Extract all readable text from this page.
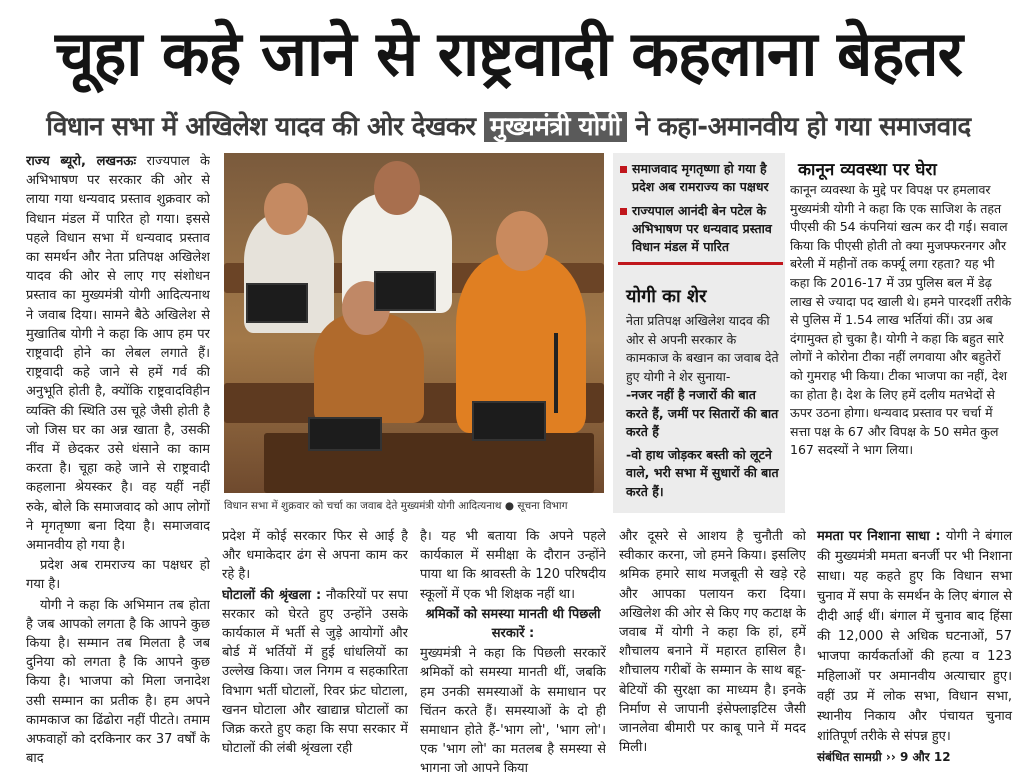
चूहा कहे जाने से राष्ट्रवादी कहलाना बेहतर
विधान सभा में अखिलेश यादव की ओर देखकर मुख्यमंत्री योगी ने कहा-अमानवीय हो गया समाजवाद

राज्य ब्यूरो, लखनऊः राज्यपाल के अभिभाषण पर सरकार की ओर से लाया गया धन्यवाद प्रस्ताव शुक्रवार को विधान मंडल में पारित हो गया। इससे पहले विधान सभा में धन्यवाद प्रस्ताव का समर्थन और नेता प्रतिपक्ष अखिलेश यादव की ओर से लाए गए संशोधन प्रस्ताव का मुख्यमंत्री योगी आदित्यनाथ ने जवाब दिया। सामने बैठे अखिलेश से मुखातिब योगी ने कहा कि आप हम पर राष्ट्रवादी होने का लेबल लगाते हैं। राष्ट्रवादी कहे जाने से हमें गर्व की अनुभूति होती है, क्योंकि राष्ट्रवादविहीन व्यक्ति की स्थिति उस चूहे जैसी होती है जो जिस घर का अन्न खाता है, उसकी नींव में छेदकर उसे धंसाने का काम करता है। चूहा कहे जाने से राष्ट्रवादी कहलाना श्रेयस्कर है। वह यहीं नहीं रुके, बोले कि समाजवाद को आप लोगों ने मृगतृष्णा बना दिया है। समाजवाद अमानवीय हो गया है।

प्रदेश अब रामराज्य का पक्षधर हो गया है।

योगी ने कहा कि अभिमान तब होता है जब आपको लगता है कि आपने कुछ किया है। सम्मान तब मिलता है जब दुनिया को लगता है कि आपने कुछ किया है। भाजपा को मिला जनादेश उसी सम्मान का प्रतीक है। हम अपने कामकाज का ढिंढोरा नहीं पीटते। तमाम अफवाहों को दरकिनार कर 37 वर्षों के बाद

विधान सभा में शुक्रवार को चर्चा का जवाब देते मुख्यमंत्री योगी आदित्यनाथ ● सूचना विभाग
समाजवाद मृगतृष्णा हो गया है प्रदेश अब रामराज्य का पक्षधर
राज्यपाल आनंदी बेन पटेल के अभिभाषण पर धन्यवाद प्रस्ताव विधान मंडल में पारित
योगी का शेर

नेता प्रतिपक्ष अखिलेश यादव की ओर से अपनी सरकार के कामकाज के बखान का जवाब देते हुए योगी ने शेर सुनाया-

-नजर नहीं है नजारों की बात करते हैं, जमीं पर सितारों की बात करते हैं

-वो हाथ जोड़कर बस्ती को लूटने वाले, भरी सभा में सुधारों की बात करते हैं।

कानून व्यवस्था पर घेरा
कानून व्यवस्था के मुद्दे पर विपक्ष पर हमलावर मुख्यमंत्री योगी ने कहा कि एक साजिश के तहत पीएसी की 54 कंपनियां खत्म कर दी गई। सवाल किया कि पीएसी होती तो क्या मुजफ्फरनगर और बरेली में महीनों तक कर्फ्यू लगा रहता? यह भी कहा कि 2016-17 में उप्र पुलिस बल में डेढ़ लाख से ज्यादा पद खाली थे। हमने पारदर्शी तरीके से पुलिस में 1.54 लाख भर्तियां कीं। उप्र अब दंगामुक्त हो चुका है। योगी ने कहा कि बहुत सारे लोगों ने कोरोना टीका नहीं लगवाया और बहुतेरों को गुमराह भी किया। टीका भाजपा का नहीं, देश का होता है। देश के लिए हमें दलीय मतभेदों से ऊपर उठना होगा। धन्यवाद प्रस्ताव पर चर्चा में सत्ता पक्ष के 67 और विपक्ष के 50 समेत कुल 167 सदस्यों ने भाग लिया।

प्रदेश में कोई सरकार फिर से आई है और धमाकेदार ढंग से अपना काम कर रहे है।

घोटालों की श्रृंखला : नौकरियों पर सपा सरकार को घेरते हुए उन्होंने उसके कार्यकाल में भर्ती से जुड़े आयोगों और बोर्ड में भर्तियों में हुई धांधलियों का उल्लेख किया। जल निगम व सहकारिता विभाग भर्ती घोटालों, रिवर फ्रंट घोटाला, खनन घोटाला और खाद्यान्न घोटालों का जिक्र करते हुए कहा कि सपा सरकार में घोटालों की लंबी श्रृंखला रही

है। यह भी बताया कि अपने पहले कार्यकाल में समीक्षा के दौरान उन्होंने पाया था कि श्रावस्ती के 120 परिषदीय स्कूलों में एक भी शिक्षक नहीं था।

श्रमिकों को समस्या मानती थी पिछली सरकारें :

मुख्यमंत्री ने कहा कि पिछली सरकारें श्रमिकों को समस्या मानती थीं, जबकि हम उनकी समस्याओं के समाधान पर चिंतन करते हैं। समस्याओं के दो ही समाधान होते हैं-'भाग लो', 'भाग लो'। एक 'भाग लो' का मतलब है समस्या से भागना जो आपने किया

और दूसरे से आशय है चुनौती को स्वीकार करना, जो हमने किया। इसलिए श्रमिक हमारे साथ मजबूती से खड़े रहे और आपका पलायन करा दिया। अखिलेश की ओर से किए गए कटाक्ष के जवाब में योगी ने कहा कि हां, हमें शौचालय बनाने में महारत हासिल है। शौचालय गरीबों के सम्मान के साथ बहू-बेटियों की सुरक्षा का माध्यम है। इनके निर्माण से जापानी इंसेफ्लाइटिस जैसी जानलेवा बीमारी पर काबू पाने में मदद मिली।

ममता पर निशाना साधा : योगी ने बंगाल की मुख्यमंत्री ममता बनर्जी पर भी निशाना साधा। यह कहते हुए कि विधान सभा चुनाव में सपा के समर्थन के लिए बंगाल से दीदी आई थीं। बंगाल में चुनाव बाद हिंसा की 12,000 से अधिक घटनाओं, 57 भाजपा कार्यकर्ताओं की हत्या व 123 महिलाओं पर अमानवीय अत्याचार हुए। वहीं उप्र में लोक सभा, विधान सभा, स्थानीय निकाय और पंचायत चुनाव शांतिपूर्ण तरीके से संपन्न हुए।
संबंधित सामग्री ›› 9 और 12
